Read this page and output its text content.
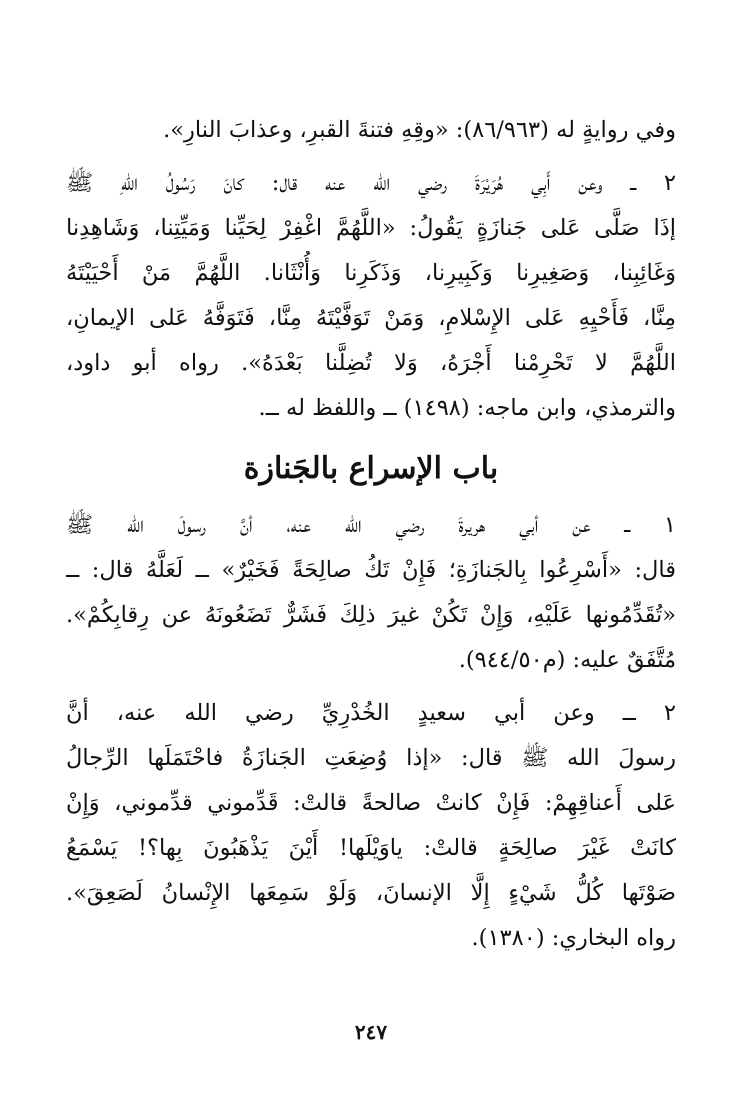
وفي روايةٍ له (٨٦/٩٦٣): «وقِهِ فتنةَ القبرِ، وعذابَ النارِ».
٢ ــ وعن أَبِي هُرَيْرَةَ رضي الله عنه قال: كانَ رَسُولُ اللهِ ﷺ
إذَا صَلَّى عَلى جَنازَةٍ يَقُولُ: «اللَّهُمَّ اغْفِرْ لِحَيِّنا وَمَيِّتِنا، وَشَاهِدِنا
وَغَائِبِنا، وَصَغِيرِنا وَكَبِيرِنا، وَذَكَرِنا وَأُنْثَانا. اللَّهُمَّ مَنْ أَحْيَيْتَهُ
مِنَّا، فَأَحْيِهِ عَلى الإِسْلامِ، وَمَنْ تَوَفَّيْتَهُ مِنَّا، فَتَوَفَّهُ عَلى الإيمانِ،
اللَّهُمَّ لا تَحْرِمْنا أَجْرَهُ، وَلا تُضِلَّنا بَعْدَهُ». رواه أبو داود،
والترمذي، وابن ماجه: (١٤٩٨) ــ واللفظ له ــ.
باب الإسراع بالجَنازة
١ ــ عن أبي هريرةَ رضي الله عنه، أنَّ رسولَ الله ﷺ
قال: «أَسْرِعُوا بِالجَنازَةِ؛ فَإِنْ تَكُ صالِحَةً فَخَيْرٌ» ــ لَعَلَّهُ قال: ــ
«تُقَدِّمُونها عَلَيْهِ، وَإِنْ تَكُنْ غيرَ ذلِكَ فَشَرٌّ تَضَعُونَهُ عن رِقابِكُمْ».
مُتَّفَقٌ عليه: (م٩٤٤/٥٠).
٢ ــ وعن أبي سعيدٍ الخُدْرِيِّ رضي الله عنه، أنَّ
رسولَ الله ﷺ قال: «إذا وُضِعَتِ الجَنازَةُ فاحْتَمَلَها الرِّجالُ
عَلى أَعناقِهِمْ: فَإِنْ كانتْ صالحةً قالتْ: قَدِّموني قدِّموني، وَإِنْ
كانَتْ غَيْرَ صالِحَةٍ قالتْ: ياوَيْلَها! أَيْنَ يَذْهَبُونَ بِها؟! يَسْمَعُ
صَوْتَها كُلُّ شَيْءٍ إِلَّا الإنسانَ، وَلَوْ سَمِعَها الإِنْسانُ لَصَعِقَ».
رواه البخاري: (١٣٨٠).
٢٤٧
